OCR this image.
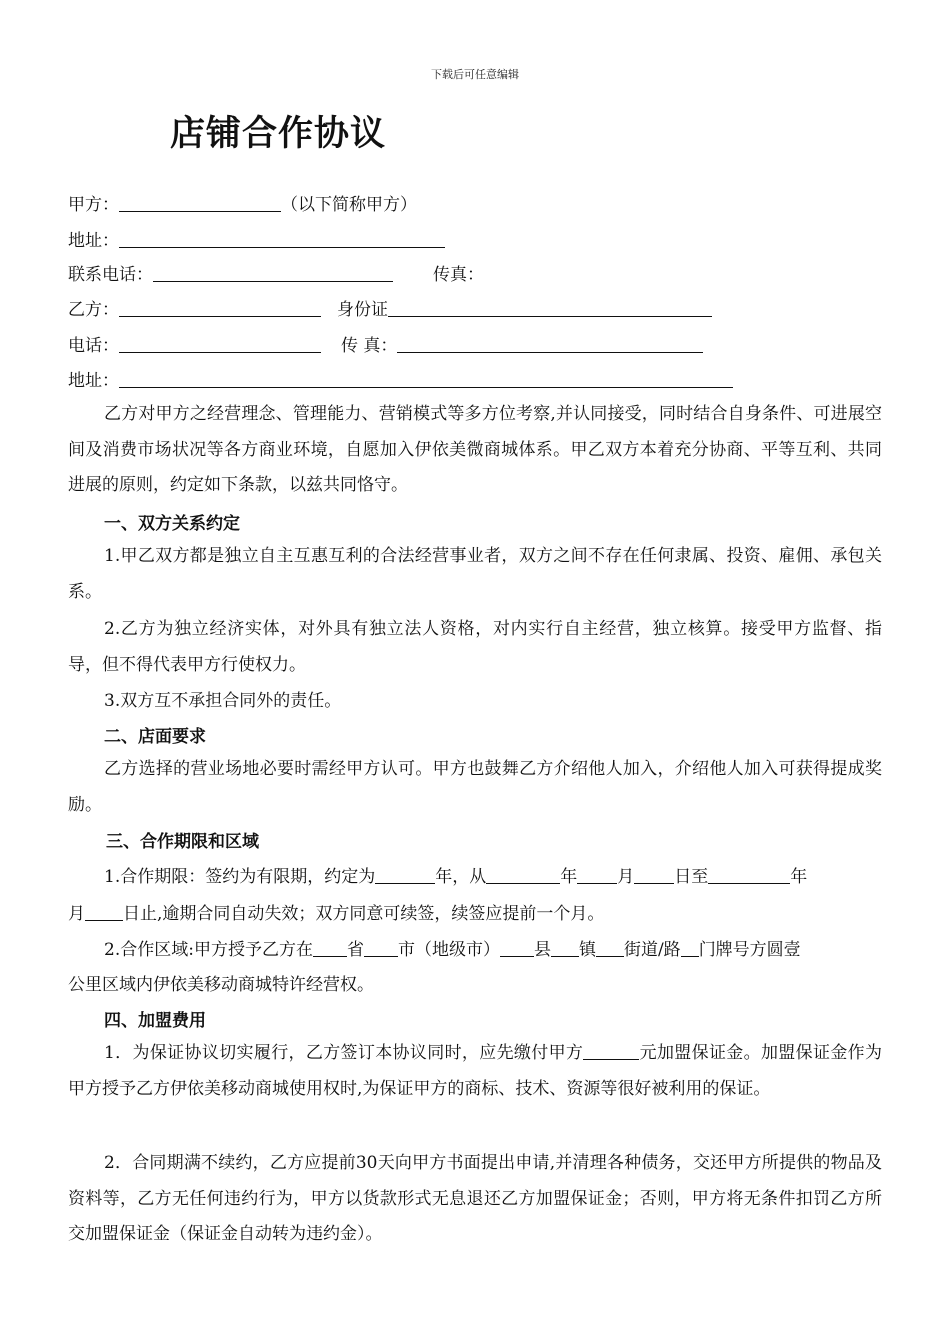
下载后可任意编辑
店铺合作协议
甲方：	（以下简称甲方）
地址：
联系电话：	传真：
乙方：	身份证
电话：	传 真：
地址：

乙方对甲方之经营理念、管理能力、营销模式等多方位考察,并认同接受，同时结合自身条件、可进展空间及消费市场状况等各方商业环境，自愿加入伊依美微商城体系。甲乙双方本着充分协商、平等互利、共同进展的原则，约定如下条款，以兹共同恪守。

一、双方关系约定

1.甲乙双方都是独立自主互惠互利的合法经营事业者，双方之间不存在任何隶属、投资、雇佣、承包关系。

2.乙方为独立经济实体，对外具有独立法人资格，对内实行自主经营，独立核算。接受甲方监督、指导，但不得代表甲方行使权力。

3.双方互不承担合同外的责任。

二、店面要求

乙方选择的营业场地必要时需经甲方认可。甲方也鼓舞乙方介绍他人加入，介绍他人加入可获得提成奖励。

三、合作期限和区域
1.合作期限：签约为有限期，约定为	年，从	年 月 日至	年
月 日止,逾期合同自动失效；双方同意可续签，续签应提前一个月。
2.合作区域:甲方授予乙方在 省 市（地级市） 县 镇 街道/路 门牌号方圆壹
公里区域内伊依美移动商城特许经营权。
四、加盟费用

1．为保证协议切实履行，乙方签订本协议同时，应先缴付甲方	元加盟保证金。加盟保证金作为甲方授予乙方伊依美移动商城使用权时,为保证甲方的商标、技术、资源等很好被利用的保证。

2．合同期满不续约，乙方应提前30天向甲方书面提出申请,并清理各种债务，交还甲方所提供的物品及资料等，乙方无任何违约行为，甲方以货款形式无息退还乙方加盟保证金；否则，甲方将无条件扣罚乙方所交加盟保证金（保证金自动转为违约金）。
